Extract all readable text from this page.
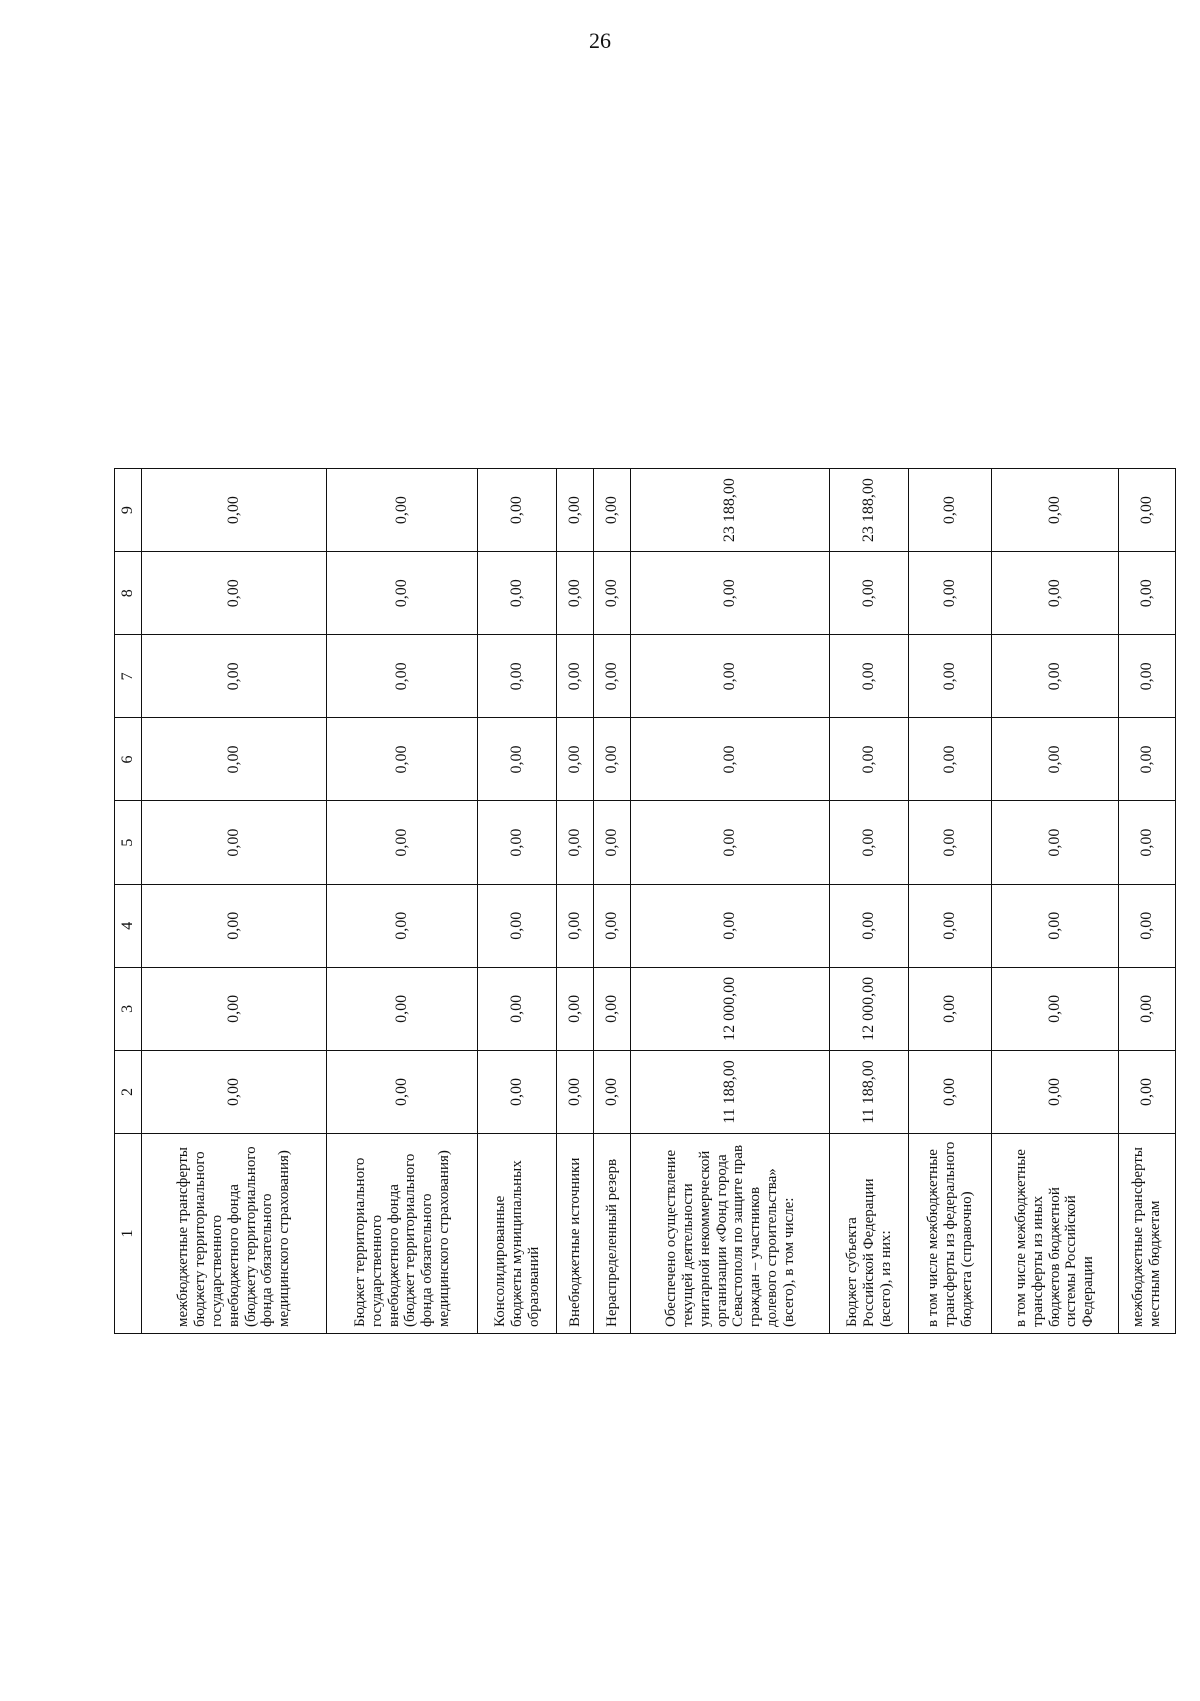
26
1	2	3	4	5	6	7	8	9
межбюджетные трансферты бюджету территориального государственного внебюджетного фонда (бюджету территориального фонда обязательного медицинского страхования)	0,00	0,00	0,00	0,00	0,00	0,00	0,00	0,00
Бюджет территориального государственного внебюджетного фонда (бюджет территориального фонда обязательного медицинского страхования)	0,00	0,00	0,00	0,00	0,00	0,00	0,00	0,00
Консолидированные бюджеты муниципальных образований	0,00	0,00	0,00	0,00	0,00	0,00	0,00	0,00
Внебюджетные источники	0,00	0,00	0,00	0,00	0,00	0,00	0,00	0,00
Нераспределенный резерв	0,00	0,00	0,00	0,00	0,00	0,00	0,00	0,00
Обеспечено осуществление текущей деятельности унитарной некоммерческой организации «Фонд города Севастополя по защите прав граждан – участников долевого строительства» (всего), в том числе:	11 188,00	12 000,00	0,00	0,00	0,00	0,00	0,00	23 188,00
Бюджет субъекта Российской Федерации (всего), из них:	11 188,00	12 000,00	0,00	0,00	0,00	0,00	0,00	23 188,00
в том числе межбюджетные трансферты из федерального бюджета (справочно)	0,00	0,00	0,00	0,00	0,00	0,00	0,00	0,00
в том числе межбюджетные трансферты из иных бюджетов бюджетной системы Российской Федерации	0,00	0,00	0,00	0,00	0,00	0,00	0,00	0,00
межбюджетные трансферты местным бюджетам	0,00	0,00	0,00	0,00	0,00	0,00	0,00	0,00
